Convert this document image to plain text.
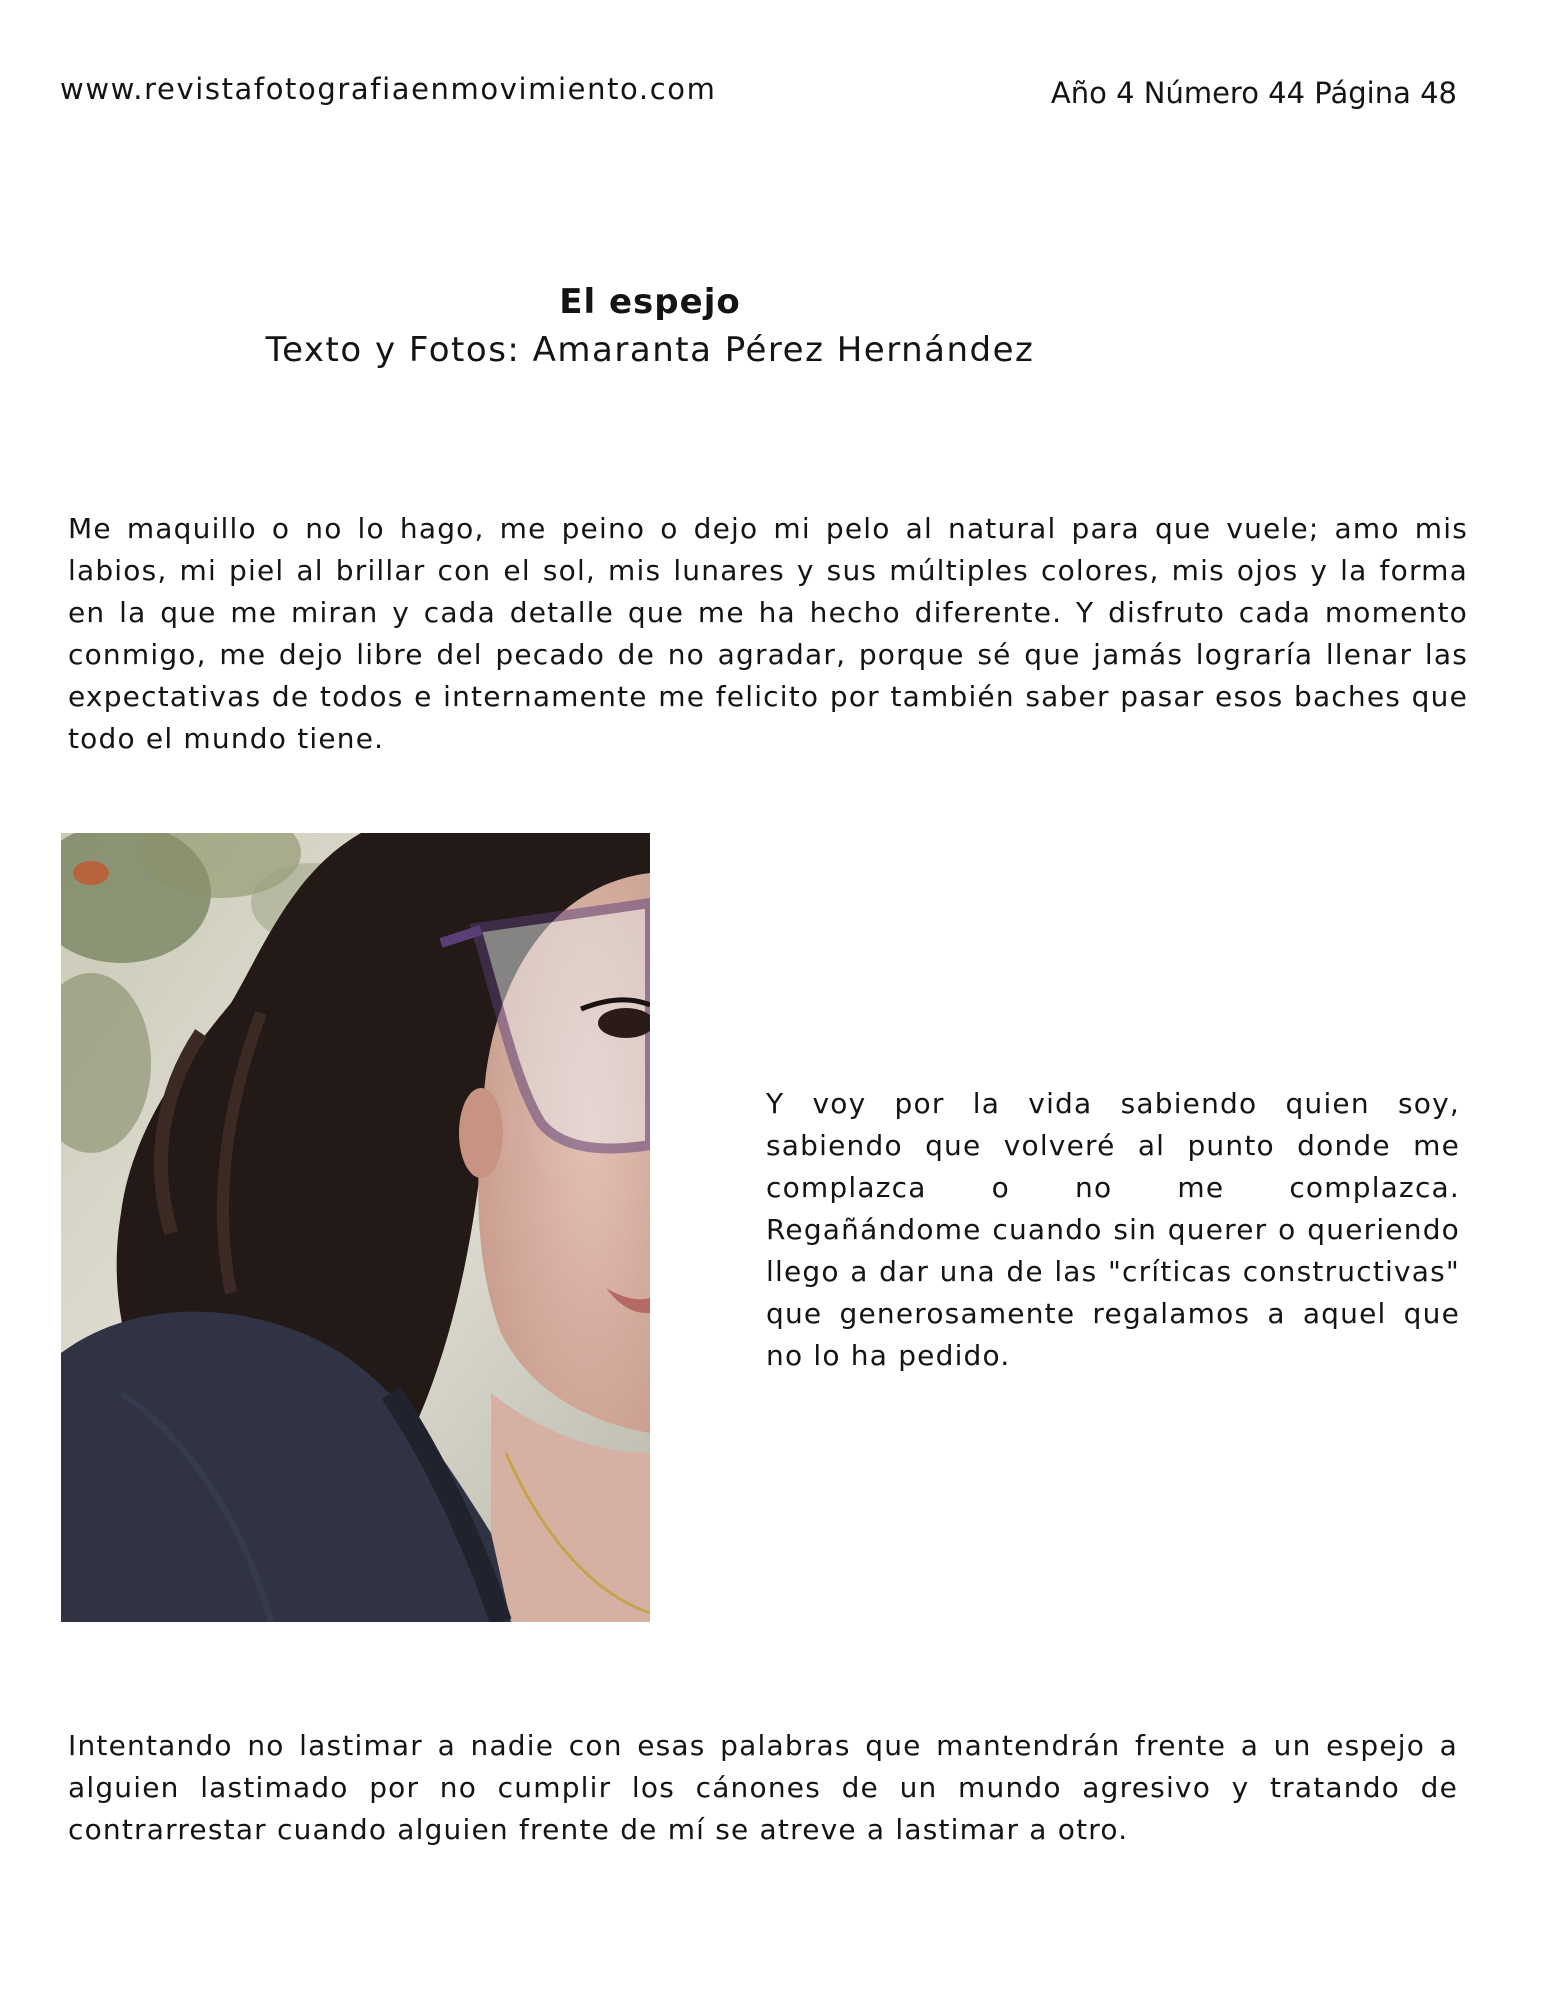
www.revistafotografiaenmovimiento.com	Año 4 Número 44 Página 48
El espejo
Texto y Fotos: Amaranta Pérez Hernández

Me maquillo o no lo hago, me peino o dejo mi pelo al natural para que vuele; amo mis labios, mi piel al brillar con el sol, mis lunares y sus múltiples colores, mis ojos y la forma en la que me miran y cada detalle que me ha hecho diferente. Y disfruto cada momento conmigo, me dejo libre del pecado de no agradar, porque sé que jamás lograría llenar las expectativas de todos e internamente me felicito por también saber pasar esos baches que todo el mundo tiene.

Y voy por la vida sabiendo quien soy, sabiendo que volveré al punto donde me complazca o no me complazca. Regañándome cuando sin querer o queriendo llego a dar una de las "críticas constructivas" que generosamente regalamos a aquel que no lo ha pedido.

Intentando no lastimar a nadie con esas palabras que mantendrán frente a un espejo a alguien lastimado por no cumplir los cánones de un mundo agresivo y tratando de contrarrestar cuando alguien frente de mí se atreve a lastimar a otro.
